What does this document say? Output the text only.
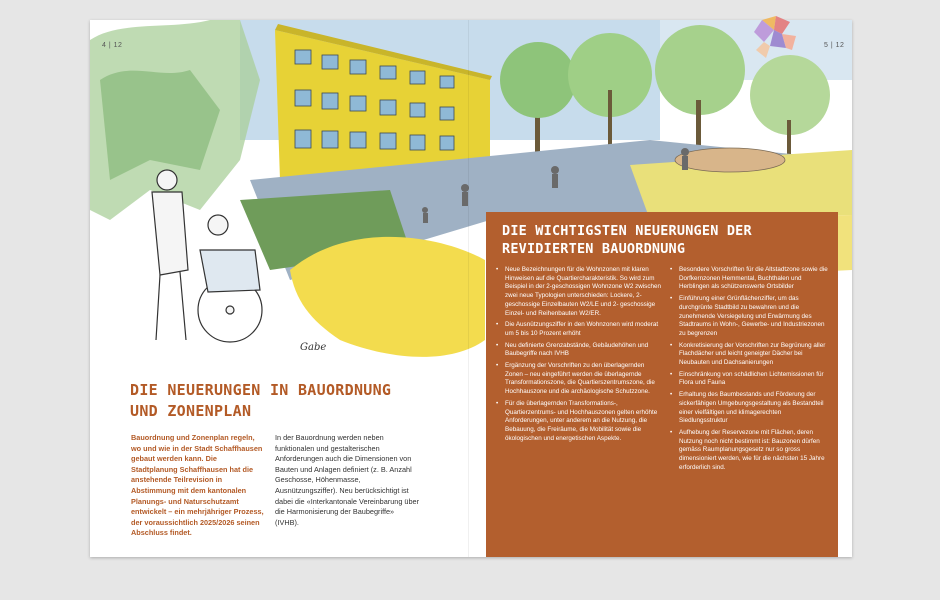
Gabe
4 | 12	5 | 12
DIE NEUERUNGEN IN BAUORDNUNG
UND ZONENPLAN

Bauordnung und Zonenplan regeln, wo und wie in der Stadt Schaffhausen gebaut werden kann. Die Stadtplanung Schaffhausen hat die anstehende Teilrevision in Abstimmung mit dem kantonalen Planungs- und Naturschutzamt entwickelt – ein mehrjähriger Prozess, der voraussichtlich 2025/2026 seinen Abschluss findet.

In der Bauordnung werden neben funktionalen und gestalterischen Anforderungen auch die Dimensionen von Bauten und Anlagen definiert (z. B. Anzahl Geschosse, Höhenmasse, Ausnützungsziffer). Neu berücksichtigt ist dabei die «Interkantonale Vereinbarung über die Harmonisierung der Baubegriffe» (IVHB).

DIE WICHTIGSTEN NEUERUNGEN DER
REVIDIERTEN BAUORDNUNG
• Neue Bezeichnungen für die Wohnzonen mit klaren Hinweisen auf die Quartiercharakteristik. So wird zum Beispiel in der 2-geschossigen Wohnzone W2 zwischen zwei neue Typologien unterschieden: Lockere, 2-geschossige Einzelbauten W2/LE und 2- geschossige Einzel- und Reihenbauten W2/ER.
• Die Ausnützungsziffer in den Wohnzonen wird moderat um 5 bis 10 Prozent erhöht
• Neu definierte Grenzabstände, Gebäudehöhen und Baubegriffe nach IVHB
• Ergänzung der Vorschriften zu den überlagernden Zonen – neu eingeführt werden die überlagernde Transformationszone, die Quartierszentrumszone, die Hochhauszone und die archäologische Schutzzone.
• Für die überlagernden Transformations-, Quartierzentrums- und Hochhauszonen gelten erhöhte Anforderungen, unter anderem an die Nutzung, die Bebauung, die Freiräume, die Mobilität sowie die ökologischen und energetischen Aspekte.
• Besondere Vorschriften für die Altstadtzone sowie die Dorfkernzonen Hemmental, Buchthalen und Herblingen als schützenswerte Ortsbilder
• Einführung einer Grünflächenziffer, um das durchgrünte Stadtbild zu bewahren und die zunehmende Versiegelung und Erwärmung des Stadtraums in Wohn-, Gewerbe- und Industriezonen zu begrenzen
• Konkretisierung der Vorschriften zur Begrünung aller Flachdächer und leicht geneigter Dächer bei Neubauten und Dachsanierungen
• Einschränkung von schädlichen Lichtemissionen für Flora und Fauna
• Erhaltung des Baumbestands und Förderung der sickerfähigen Umgebungsgestaltung als Bestandteil einer vielfältigen und klimagerechten Siedlungsstruktur
• Aufhebung der Reservezone mit Flächen, deren Nutzung noch nicht bestimmt ist: Bauzonen dürfen gemäss Raumplanungsgesetz nur so gross dimensioniert werden, wie für die nächsten 15 Jahre erforderlich sind.
